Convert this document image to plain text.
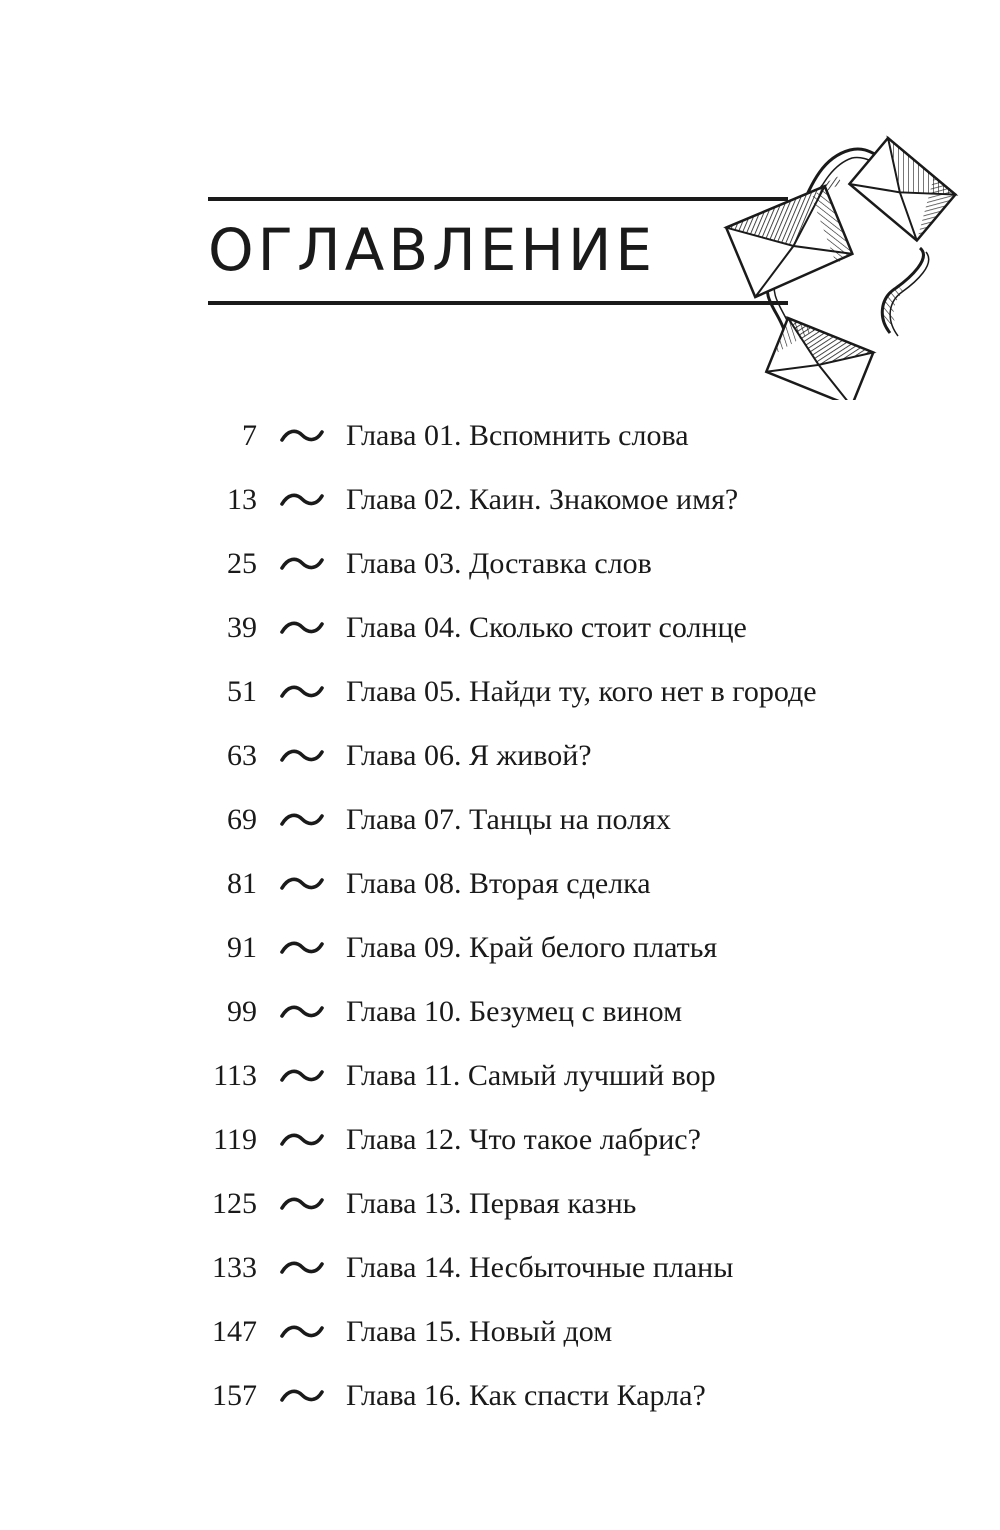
ОГЛАВЛЕНИЕ
7	Глава 01. Вспомнить слова
13	Глава 02. Каин. Знакомое имя?
25	Глава 03. Доставка слов
39	Глава 04. Сколько стоит солнце
51	Глава 05. Найди ту, кого нет в городе
63	Глава 06. Я живой?
69	Глава 07. Танцы на полях
81	Глава 08. Вторая сделка
91	Глава 09. Край белого платья
99	Глава 10. Безумец с вином
113	Глава 11. Самый лучший вор
119	Глава 12. Что такое лабрис?
125	Глава 13. Первая казнь
133	Глава 14. Несбыточные планы
147	Глава 15. Новый дом
157	Глава 16. Как спасти Карла?
